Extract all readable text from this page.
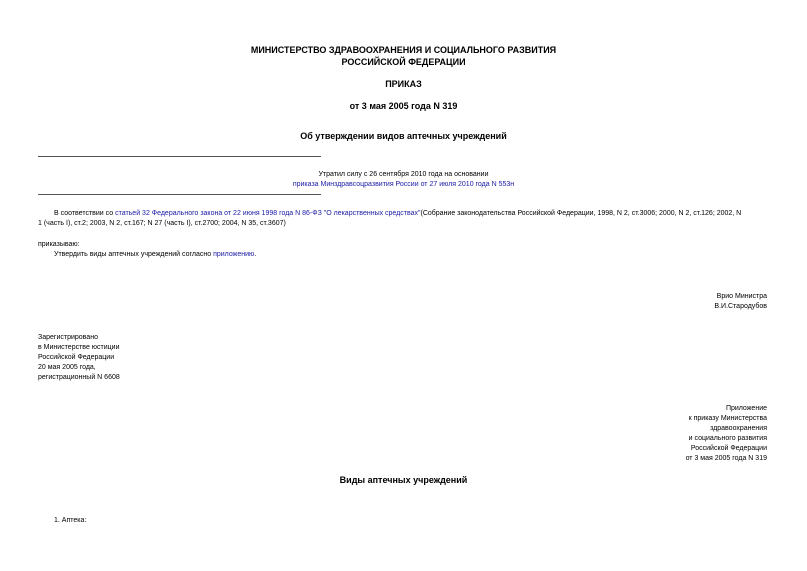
МИНИСТЕРСТВО ЗДРАВООХРАНЕНИЯ И СОЦИАЛЬНОГО РАЗВИТИЯ
РОССИЙСКОЙ ФЕДЕРАЦИИ
ПРИКАЗ
от 3 мая 2005 года N 319
Об утверждении видов аптечных учреждений
Утратил силу с 26 сентября 2010 года на основании
приказа Минздравсоцразвития России от 27 июля 2010 года N 553н
В соответствии со статьей 32 Федерального закона от 22 июня 1998 года N 86-ФЗ "О лекарственных средствах"(Собрание законодательства Российской Федерации, 1998, N 2, ст.3006; 2000, N 2, ст.126; 2002, N
1 (часть I), ст.2; 2003, N 2, ст.167; N 27 (часть I), ст.2700; 2004, N 35, ст.3607)
приказываю:
Утвердить виды аптечных учреждений согласно приложению.
Врио Министра
В.И.Стародубов
Зарегистрировано
в Министерстве юстиции
Российской Федерации
20 мая 2005 года,
регистрационный N 6608
Приложение
к приказу Министерства
здравоохранения
и социального развития
Российской Федерации
от 3 мая 2005 года N 319
Виды аптечных учреждений
1. Аптека:
